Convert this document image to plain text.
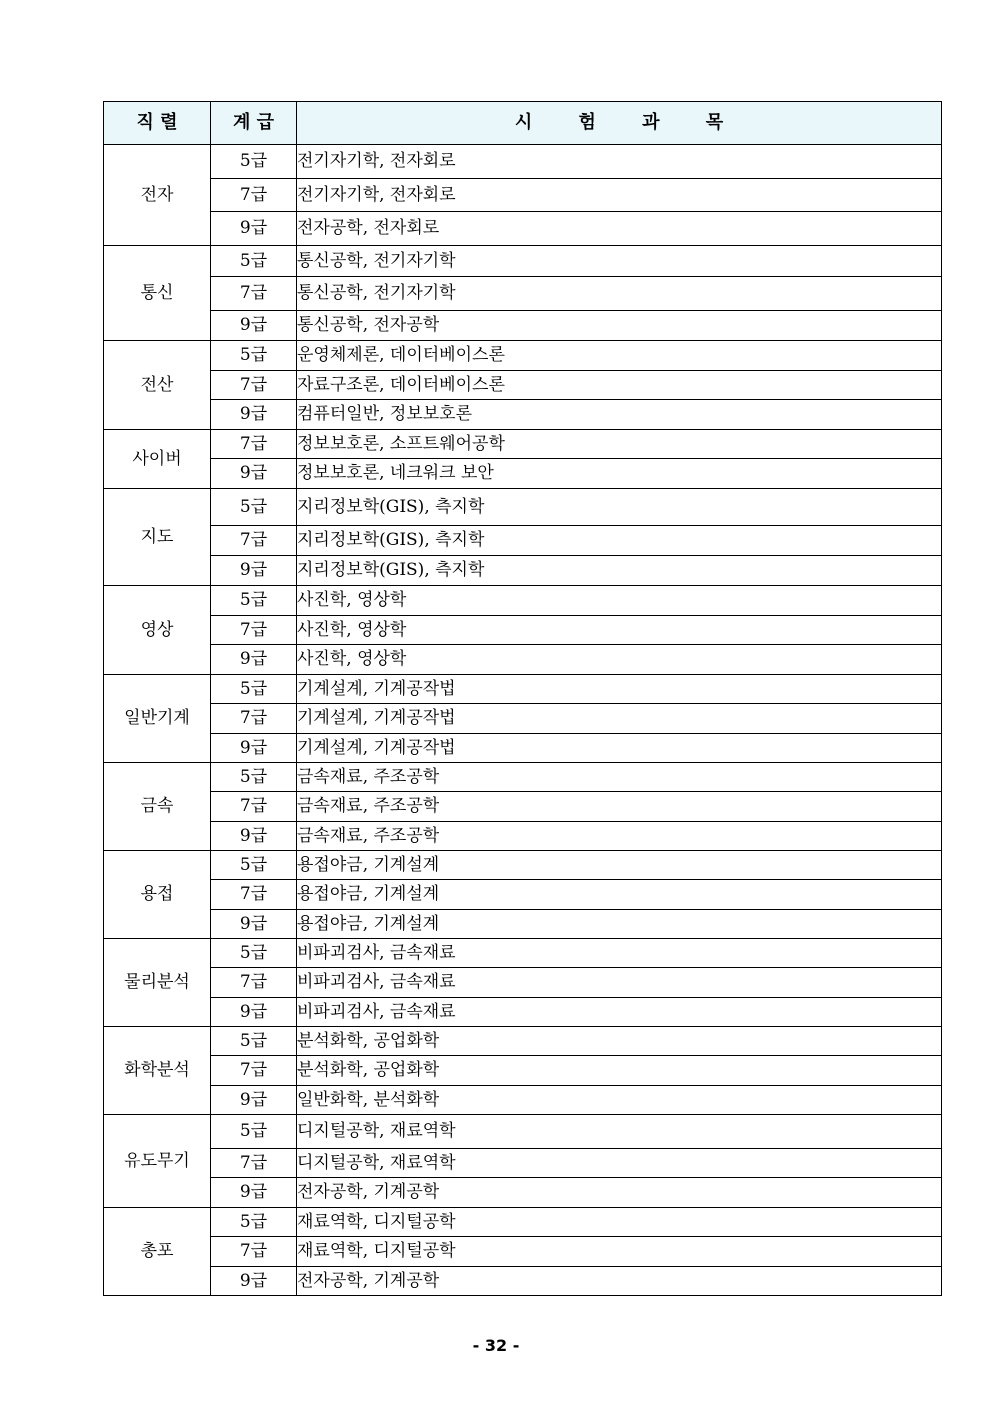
직 렬	계 급	시 험 과 목
전자	5급	전기자기학, 전자회로
	7급	전기자기학, 전자회로
	9급	전자공학, 전자회로
통신	5급	통신공학, 전기자기학
	7급	통신공학, 전기자기학
	9급	통신공학, 전자공학
전산	5급	운영체제론, 데이터베이스론
	7급	자료구조론, 데이터베이스론
	9급	컴퓨터일반, 정보보호론
사이버	7급	정보보호론, 소프트웨어공학
	9급	정보보호론, 네크워크 보안
지도	5급	지리정보학(GIS), 측지학
	7급	지리정보학(GIS), 측지학
	9급	지리정보학(GIS), 측지학
영상	5급	사진학, 영상학
	7급	사진학, 영상학
	9급	사진학, 영상학
일반기계	5급	기계설계, 기계공작법
	7급	기계설계, 기계공작법
	9급	기계설계, 기계공작법
금속	5급	금속재료, 주조공학
	7급	금속재료, 주조공학
	9급	금속재료, 주조공학
용접	5급	용접야금, 기계설계
	7급	용접야금, 기계설계
	9급	용접야금, 기계설계
물리분석	5급	비파괴검사, 금속재료
	7급	비파괴검사, 금속재료
	9급	비파괴검사, 금속재료
화학분석	5급	분석화학, 공업화학
	7급	분석화학, 공업화학
	9급	일반화학, 분석화학
유도무기	5급	디지털공학, 재료역학
	7급	디지털공학, 재료역학
	9급	전자공학, 기계공학
총포	5급	재료역학, 디지털공학
	7급	재료역학, 디지털공학
	9급	전자공학, 기계공학
- 32 -
